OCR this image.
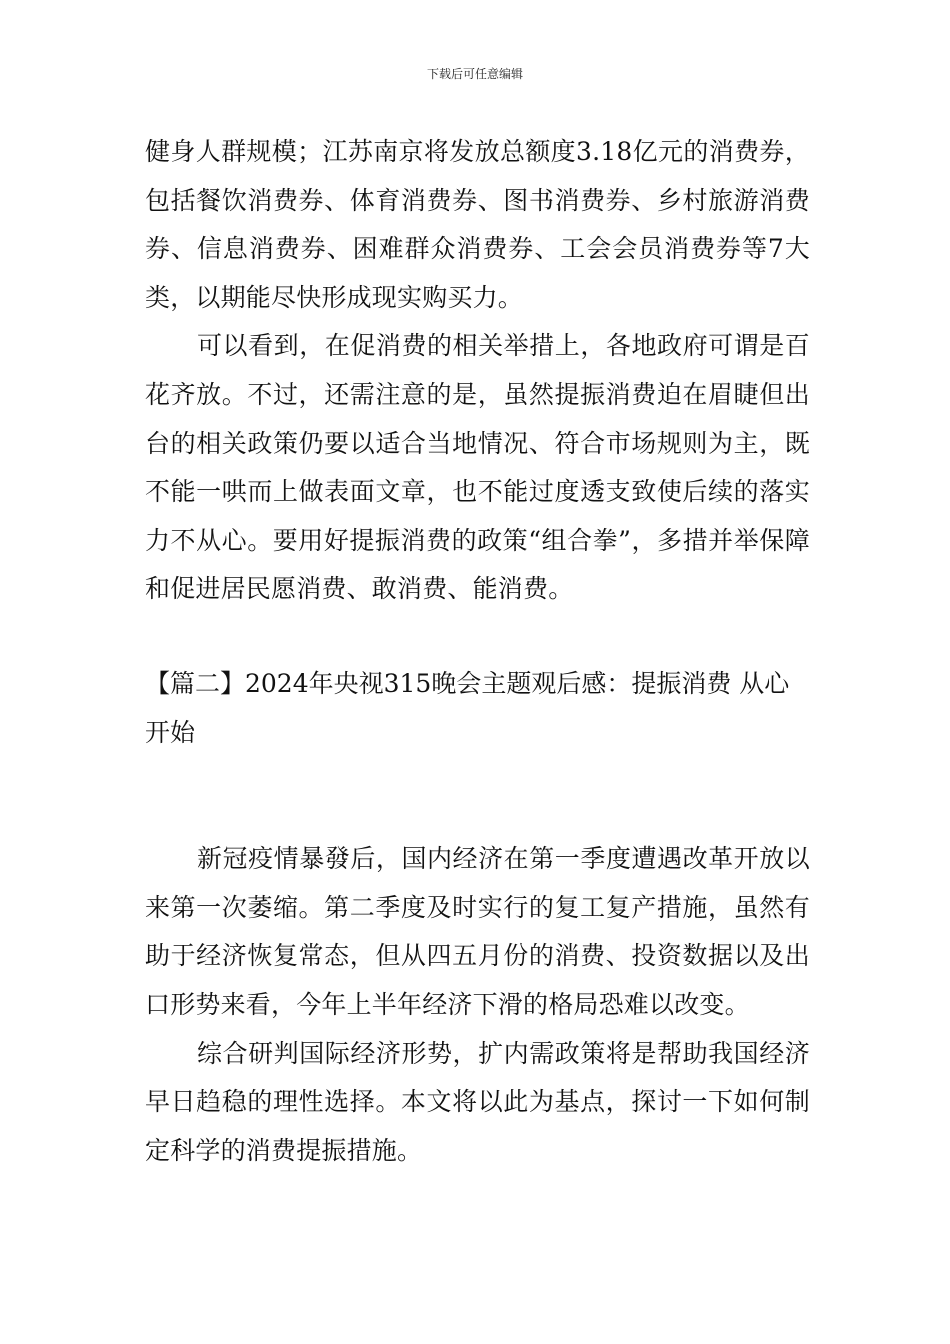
下载后可任意编辑

健身人群规模；江苏南京将发放总额度3.18亿元的消费券，包括餐饮消费券、体育消费券、图书消费券、乡村旅游消费券、信息消费券、困难群众消费券、工会会员消费券等7大类，以期能尽快形成现实购买力。

可以看到，在促消费的相关举措上，各地政府可谓是百花齐放。不过，还需注意的是，虽然提振消费迫在眉睫但出台的相关政策仍要以适合当地情况、符合市场规则为主，既不能一哄而上做表面文章，也不能过度透支致使后续的落实力不从心。要用好提振消费的政策“组合拳”，多措并举保障和促进居民愿消费、敢消费、能消费。

【篇二】2024年央视315晚会主题观后感：提振消费 从心开始

新冠疫情暴發后，国内经济在第一季度遭遇改革开放以来第一次萎缩。第二季度及时实行的复工复产措施，虽然有助于经济恢复常态，但从四五月份的消费、投资数据以及出口形势来看，今年上半年经济下滑的格局恐难以改变。

综合研判国际经济形势，扩内需政策将是帮助我国经济早日趋稳的理性选择。本文将以此为基点，探讨一下如何制定科学的消费提振措施。
